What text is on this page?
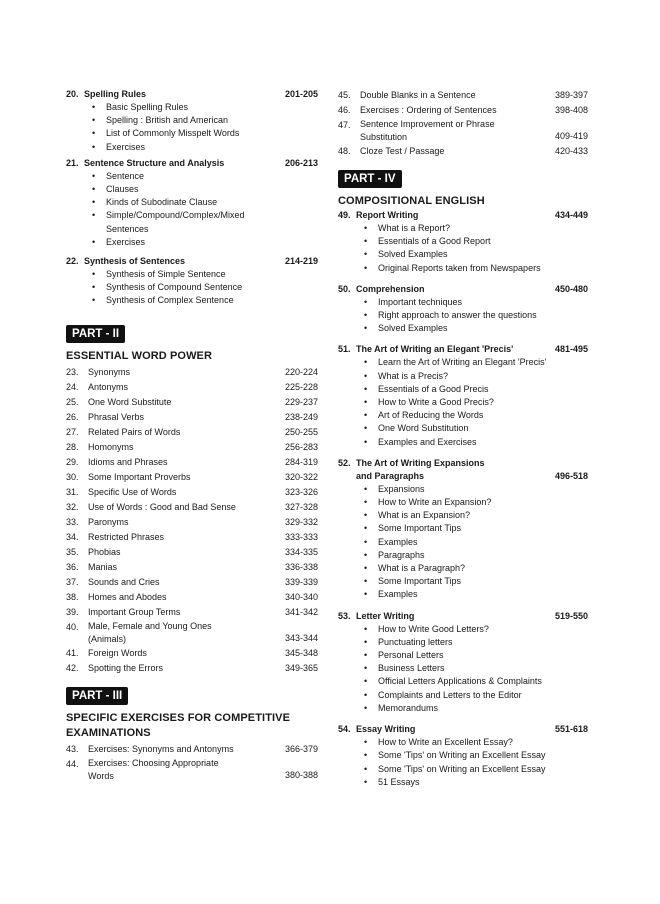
20. Spelling Rules	201-205
• Basic Spelling Rules
• Spelling : British and American
• List of Commonly Misspelt Words
• Exercises
21. Sentence Structure and Analysis	206-213
• Sentence
• Clauses
• Kinds of Subodinate Clause
• Simple/Compound/Complex/Mixed Sentences
• Exercises
22. Synthesis of Sentences	214-219
• Synthesis of Simple Sentence
• Synthesis of Compound Sentence
• Synthesis of Complex Sentence
PART - II
ESSENTIAL WORD POWER
23.	Synonyms	220-224
24.	Antonyms	225-228
25.	One Word Substitute	229-237
26.	Phrasal Verbs	238-249
27.	Related Pairs of Words	250-255
28.	Homonyms	256-283
29.	Idioms and Phrases	284-319
30.	Some Important Proverbs	320-322
31.	Specific Use of Words	323-326
32.	Use of Words : Good and Bad Sense	327-328
33.	Paronyms	329-332
34.	Restricted Phrases	333-333
35.	Phobias	334-335
36.	Manias	336-338
37.	Sounds and Cries	339-339
38.	Homes and Abodes	340-340
39.	Important Group Terms	341-342
40.	Male, Female and Young Ones
(Animals)	343-344
41.	Foreign Words	345-348
42.	Spotting the Errors	349-365
PART - III
SPECIFIC EXERCISES FOR COMPETITIVE
EXAMINATIONS
43.	Exercises: Synonyms and Antonyms	366-379
44.	Exercises: Choosing Appropriate
Words	380-388
45.	Double Blanks in a Sentence	389-397
46.	Exercises : Ordering of Sentences	398-408
47.	Sentence Improvement or Phrase
Substitution	409-419
48.	Cloze Test / Passage	420-433
PART - IV
COMPOSITIONAL ENGLISH
49. Report Writing	434-449
• What is a Report?
• Essentials of a Good Report
• Solved Examples
• Original Reports taken from Newspapers
50. Comprehension	450-480
• Important techniques
• Right approach to answer the questions
• Solved Examples
51. The Art of Writing an Elegant 'Precis'	481-495
• Learn the Art of Writing an Elegant 'Precis'
• What is a Precis?
• Essentials of a Good Precis
• How to Write a Good Precis?
• Art of Reducing the Words
• One Word Substitution
• Examples and Exercises
52. The Art of Writing Expansions
and Paragraphs	496-518
• Expansions
• How to Write an Expansion?
• What is an Expansion?
• Some Important Tips
• Examples
• Paragraphs
• What is a Paragraph?
• Some Important Tips
• Examples
53. Letter Writing	519-550
• How to Write Good Letters?
• Punctuating letters
• Personal Letters
• Business Letters
• Official Letters Applications & Complaints
• Complaints and Letters to the Editor
• Memorandums
54. Essay Writing	551-618
• How to Write an Excellent Essay?
• Some 'Tips' on Writing an Excellent Essay
• Some 'Tips' on Writing an Excellent Essay
• 51 Essays
